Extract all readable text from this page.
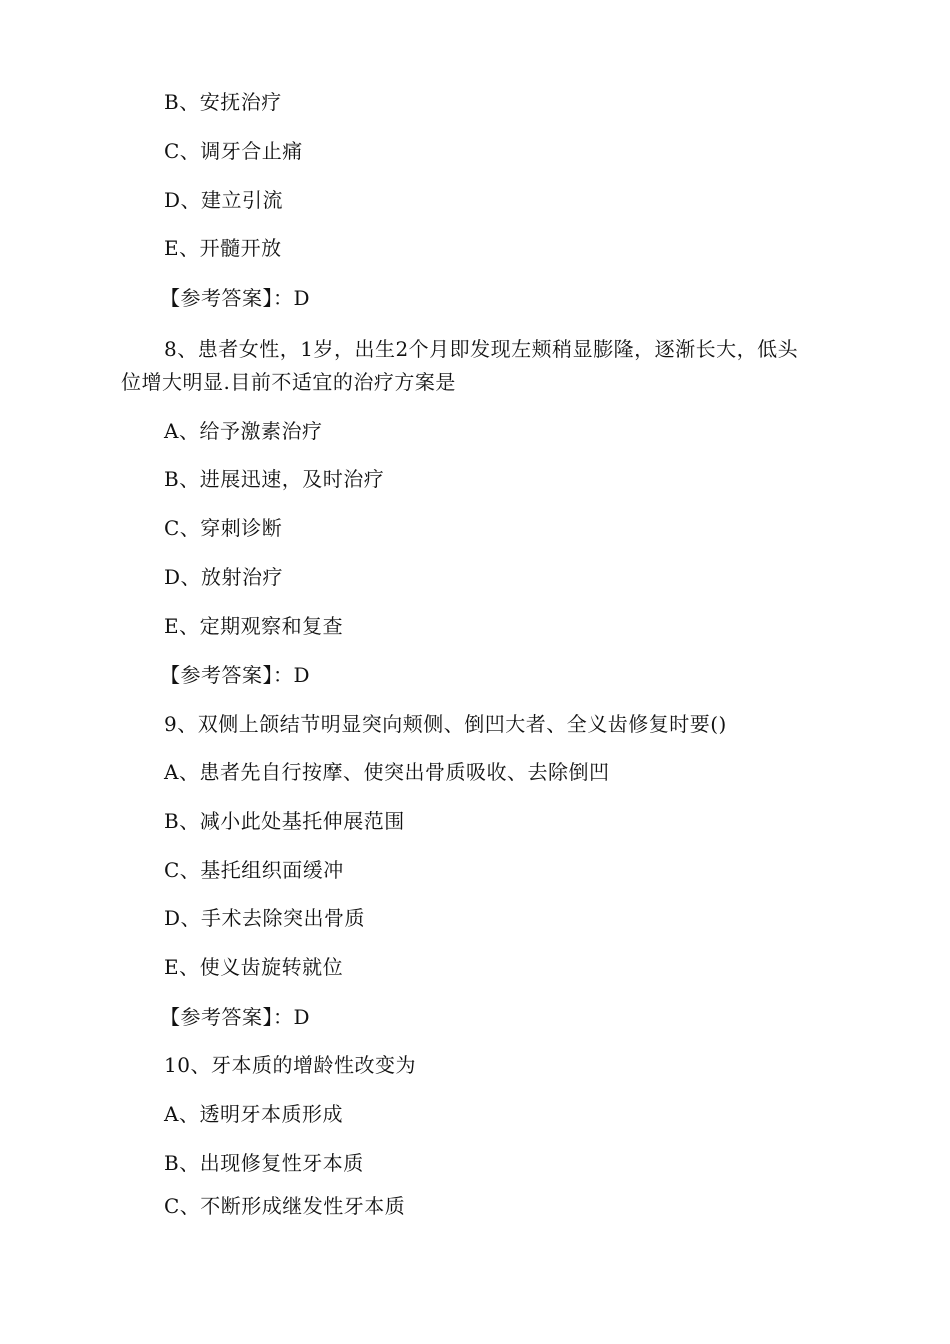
B、安抚治疗
C、调牙合止痛
D、建立引流
E、开髓开放
【参考答案】：D
8、患者女性，1岁，出生2个月即发现左颊稍显膨隆，逐渐长大，低头
位增大明显.目前不适宜的治疗方案是
A、给予激素治疗
B、进展迅速，及时治疗
C、穿刺诊断
D、放射治疗
E、定期观察和复查
【参考答案】：D
9、双侧上颌结节明显突向颊侧、倒凹大者、全义齿修复时要()
A、患者先自行按摩、使突出骨质吸收、去除倒凹
B、减小此处基托伸展范围
C、基托组织面缓冲
D、手术去除突出骨质
E、使义齿旋转就位
【参考答案】：D
10、牙本质的增龄性改变为
A、透明牙本质形成
B、出现修复性牙本质
C、不断形成继发性牙本质
